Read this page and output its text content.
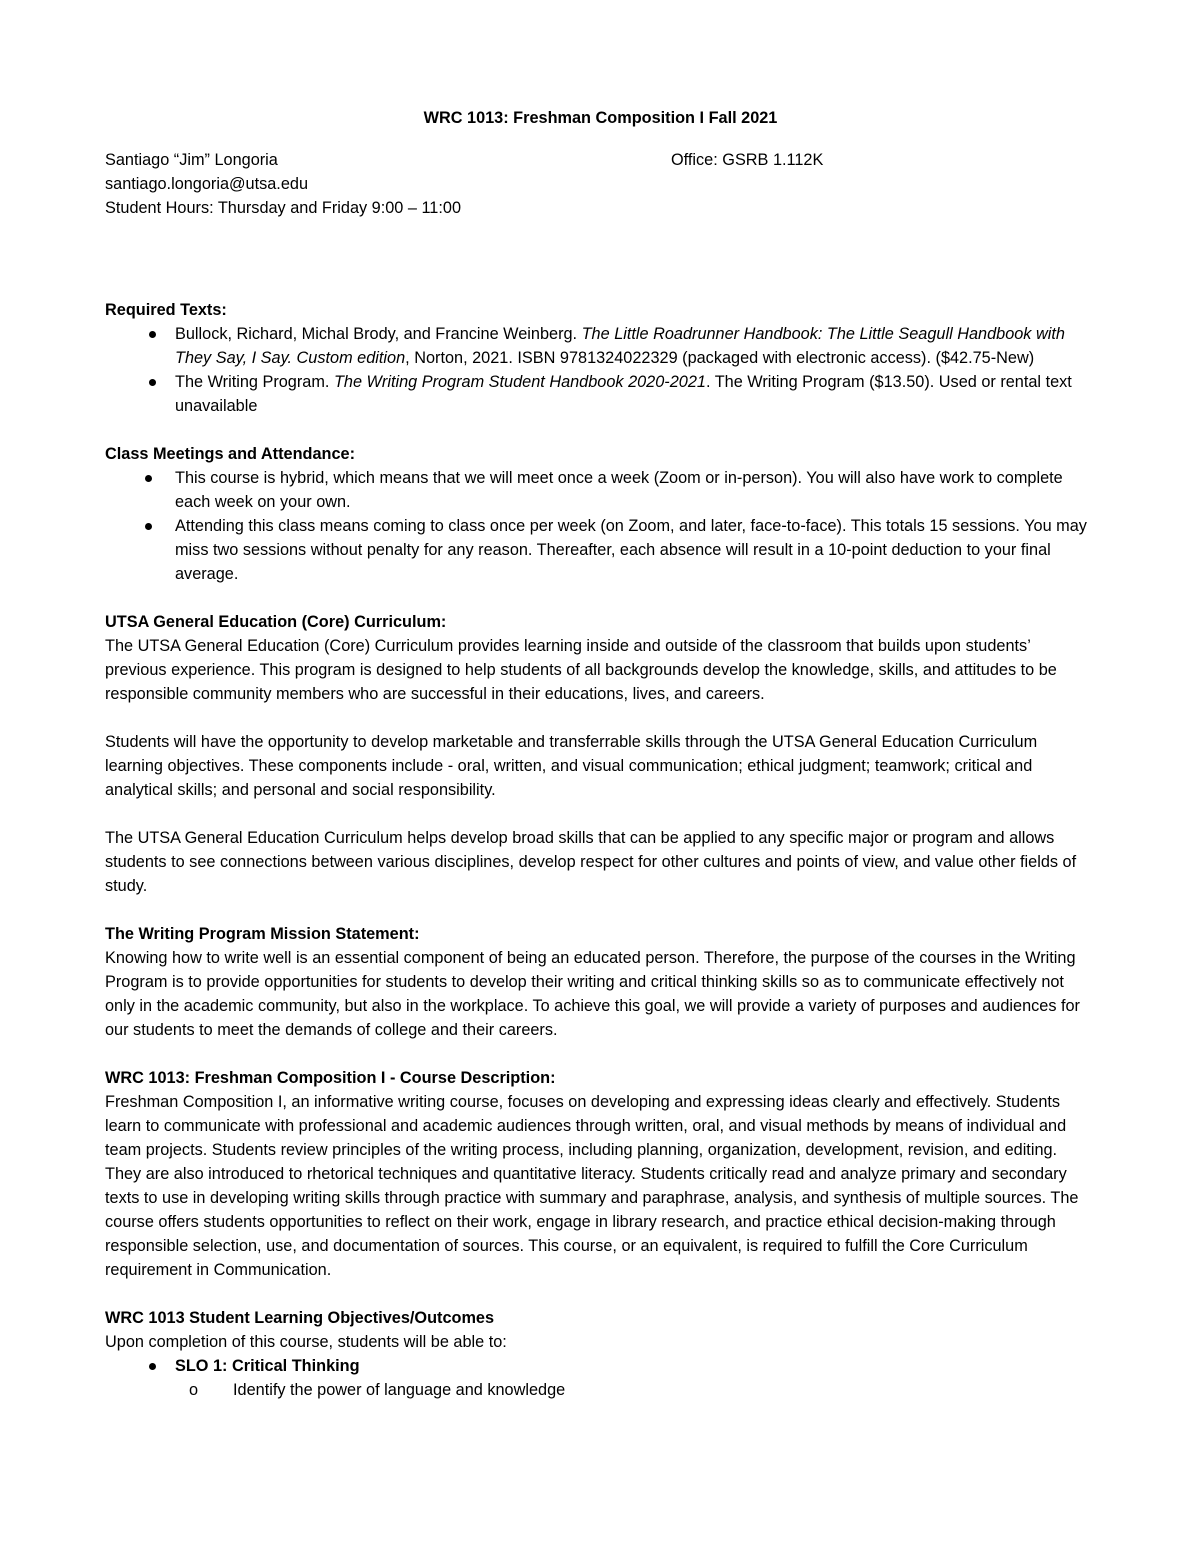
WRC 1013: Freshman Composition I Fall 2021
Santiago “Jim” Longoria
santiago.longoria@utsa.edu
Student Hours: Thursday and Friday 9:00 – 11:00
Office: GSRB 1.112K
Required Texts:
Bullock, Richard, Michal Brody, and Francine Weinberg. The Little Roadrunner Handbook: The Little Seagull Handbook with They Say, I Say. Custom edition, Norton, 2021. ISBN 9781324022329 (packaged with electronic access). ($42.75-New)
The Writing Program. The Writing Program Student Handbook 2020-2021. The Writing Program ($13.50). Used or rental text unavailable
Class Meetings and Attendance:
This course is hybrid, which means that we will meet once a week (Zoom or in-person). You will also have work to complete each week on your own.
Attending this class means coming to class once per week (on Zoom, and later, face-to-face). This totals 15 sessions. You may miss two sessions without penalty for any reason. Thereafter, each absence will result in a 10-point deduction to your final average.
UTSA General Education (Core) Curriculum:

The UTSA General Education (Core) Curriculum provides learning inside and outside of the classroom that builds upon students’ previous experience. This program is designed to help students of all backgrounds develop the knowledge, skills, and attitudes to be responsible community members who are successful in their educations, lives, and careers.

Students will have the opportunity to develop marketable and transferrable skills through the UTSA General Education Curriculum learning objectives. These components include - oral, written, and visual communication; ethical judgment; teamwork; critical and analytical skills; and personal and social responsibility.

The UTSA General Education Curriculum helps develop broad skills that can be applied to any specific major or program and allows students to see connections between various disciplines, develop respect for other cultures and points of view, and value other fields of study.

The Writing Program Mission Statement:

Knowing how to write well is an essential component of being an educated person. Therefore, the purpose of the courses in the Writing Program is to provide opportunities for students to develop their writing and critical thinking skills so as to communicate effectively not only in the academic community, but also in the workplace. To achieve this goal, we will provide a variety of purposes and audiences for our students to meet the demands of college and their careers.

WRC 1013: Freshman Composition I - Course Description:

Freshman Composition I, an informative writing course, focuses on developing and expressing ideas clearly and effectively. Students learn to communicate with professional and academic audiences through written, oral, and visual methods by means of individual and team projects. Students review principles of the writing process, including planning, organization, development, revision, and editing. They are also introduced to rhetorical techniques and quantitative literacy. Students critically read and analyze primary and secondary texts to use in developing writing skills through practice with summary and paraphrase, analysis, and synthesis of multiple sources. The course offers students opportunities to reflect on their work, engage in library research, and practice ethical decision-making through responsible selection, use, and documentation of sources. This course, or an equivalent, is required to fulfill the Core Curriculum requirement in Communication.

WRC 1013 Student Learning Objectives/Outcomes

Upon completion of this course, students will be able to:

SLO 1: Critical Thinking
o Identify the power of language and knowledge
